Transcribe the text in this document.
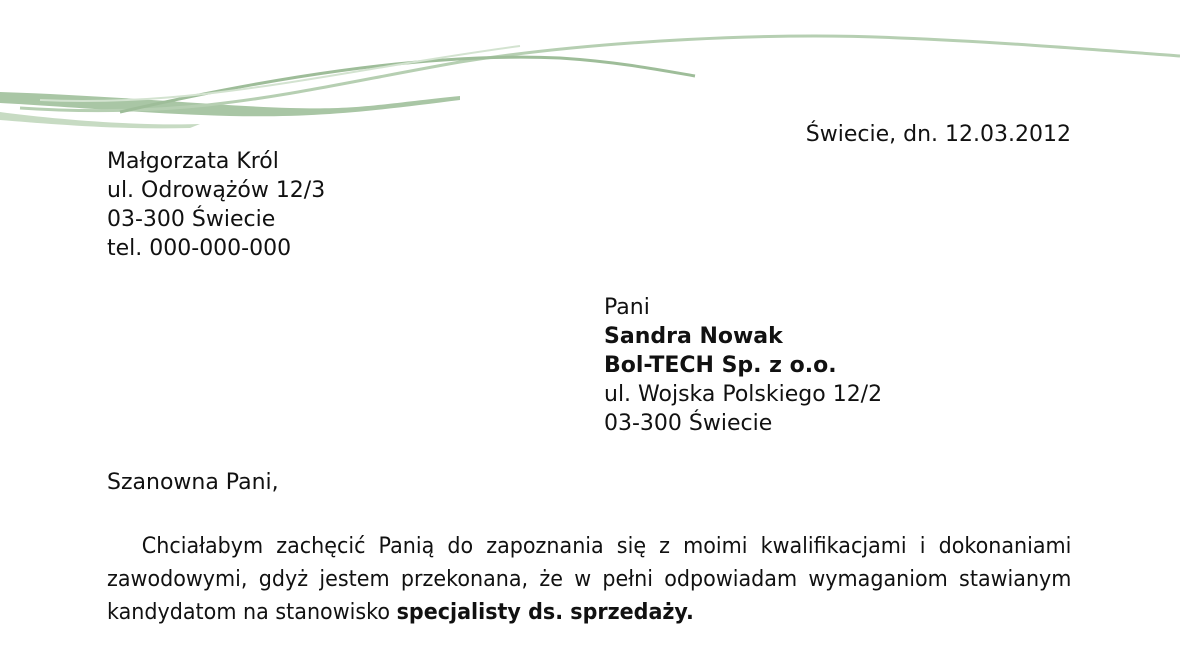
Świecie, dn. 12.03.2012

Małgorzata Król

ul. Odrowążów 12/3

03-300 Świecie

tel. 000-000-000

Pani

Sandra Nowak

Bol-TECH Sp. z o.o.

ul. Wojska Polskiego 12/2

03-300 Świecie

Szanowna Pani,

Chciałabym zachęcić Panią do zapoznania się z moimi kwalifikacjami i dokonaniami zawodowymi, gdyż jestem przekonana, że w pełni odpowiadam wymaganiom stawianym kandydatom na stanowisko specjalisty ds. sprzedaży.
